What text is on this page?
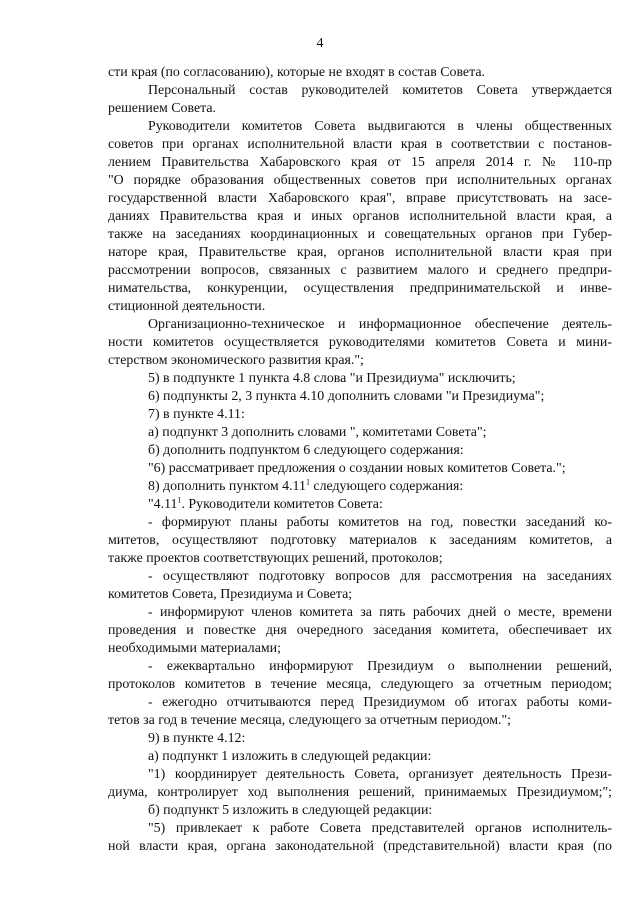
4
сти края (по согласованию), которые не входят в состав Совета.
Персональный состав руководителей комитетов Совета утверждается
решением Совета.
Руководители комитетов Совета выдвигаются в члены общественных
советов при органах исполнительной власти края в соответствии с постанов-
лением Правительства Хабаровского края от 15 апреля 2014 г. № 110-пр
"О порядке образования общественных советов при исполнительных органах
государственной власти Хабаровского края", вправе присутствовать на засе-
даниях Правительства края и иных органов исполнительной власти края, а
также на заседаниях координационных и совещательных органов при Губер-
наторе края, Правительстве края, органов исполнительной власти края при
рассмотрении вопросов, связанных с развитием малого и среднего предпри-
нимательства, конкуренции, осуществления предпринимательской и инве-
стиционной деятельности.
Организационно-техническое и информационное обеспечение деятель-
ности комитетов осуществляется руководителями комитетов Совета и мини-
стерством экономического развития края.";
5) в подпункте 1 пункта 4.8 слова "и Президиума" исключить;
6) подпункты 2, 3 пункта 4.10 дополнить словами "и Президиума";
7) в пункте 4.11:
а) подпункт 3 дополнить словами ", комитетами Совета";
б) дополнить подпунктом 6 следующего содержания:
"6) рассматривает предложения о создании новых комитетов Совета.";
8) дополнить пунктом 4.11$^1$ следующего содержания:
"4.11$^1$. Руководители комитетов Совета:
- формируют планы работы комитетов на год, повестки заседаний ко-
митетов, осуществляют подготовку материалов к заседаниям комитетов, а
также проектов соответствующих решений, протоколов;
- осуществляют подготовку вопросов для рассмотрения на заседаниях
комитетов Совета, Президиума и Совета;
- информируют членов комитета за пять рабочих дней о месте, времени
проведения и повестке дня очередного заседания комитета, обеспечивает их
необходимыми материалами;
- ежеквартально информируют Президиум о выполнении решений,
протоколов комитетов в течение месяца, следующего за отчетным периодом;
- ежегодно отчитываются перед Президиумом об итогах работы коми-
тетов за год в течение месяца, следующего за отчетным периодом.";
9) в пункте 4.12:
а) подпункт 1 изложить в следующей редакции:
"1) координирует деятельность Совета, организует деятельность Прези-
диума, контролирует ход выполнения решений, принимаемых Президиумом;";
б) подпункт 5 изложить в следующей редакции:
"5) привлекает к работе Совета представителей органов исполнитель-
ной власти края, органа законодательной (представительной) власти края (по
